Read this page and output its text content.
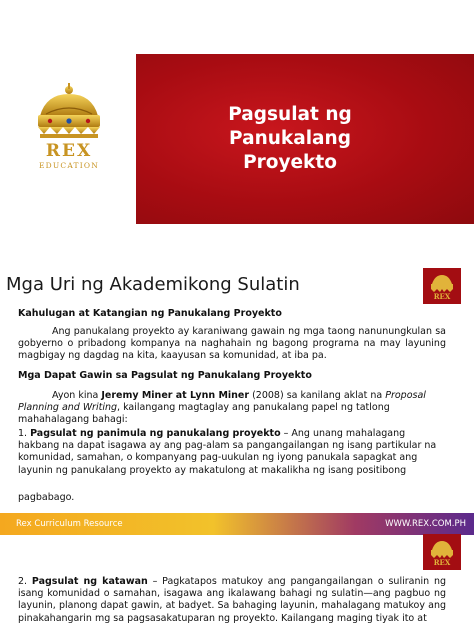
REX
EDUCATION
Pagsulat ng Panukalang
Proyekto
Mga Uri ng Akademikong Sulatin
REX
Kahulugan at Katangian ng Panukalang Proyekto
Ang panukalang proyekto ay karaniwang gawain ng mga taong nanunungkulan sa gobyerno o pribadong kompanya na naghahain ng bagong programa na may layuning magbigay ng dagdag na kita, kaayusan sa komunidad, at iba pa.
Mga Dapat Gawin sa Pagsulat ng Panukalang Proyekto
Ayon kina Jeremy Miner at Lynn Miner (2008) sa kanilang aklat na Proposal Planning and Writing, kailangang magtaglay ang panukalang papel ng tatlong mahahalagang bahagi:
1. Pagsulat ng panimula ng panukalang proyekto – Ang unang mahalagang hakbang na dapat isagawa ay ang pag-alam sa pangangailangan ng isang partikular na komunidad, samahan, o kompanyang pag-uukulan ng iyong panukala sapagkat ang layunin ng panukalang proyekto ay makatulong at makalikha ng isang positibong
pagbabago.
Rex Curriculum Resource	WWW.REX.COM.PH
REX
2. Pagsulat ng katawan – Pagkatapos matukoy ang pangangailangan o suliranin ng isang komunidad o samahan, isagawa ang ikalawang bahagi ng sulatin—ang pagbuo ng layunin, planong dapat gawin, at badyet. Sa bahaging layunin, mahalagang matukoy ang pinakahangarin mg sa pagsasakatuparan ng proyekto. Kailangang maging tiyak ito at
